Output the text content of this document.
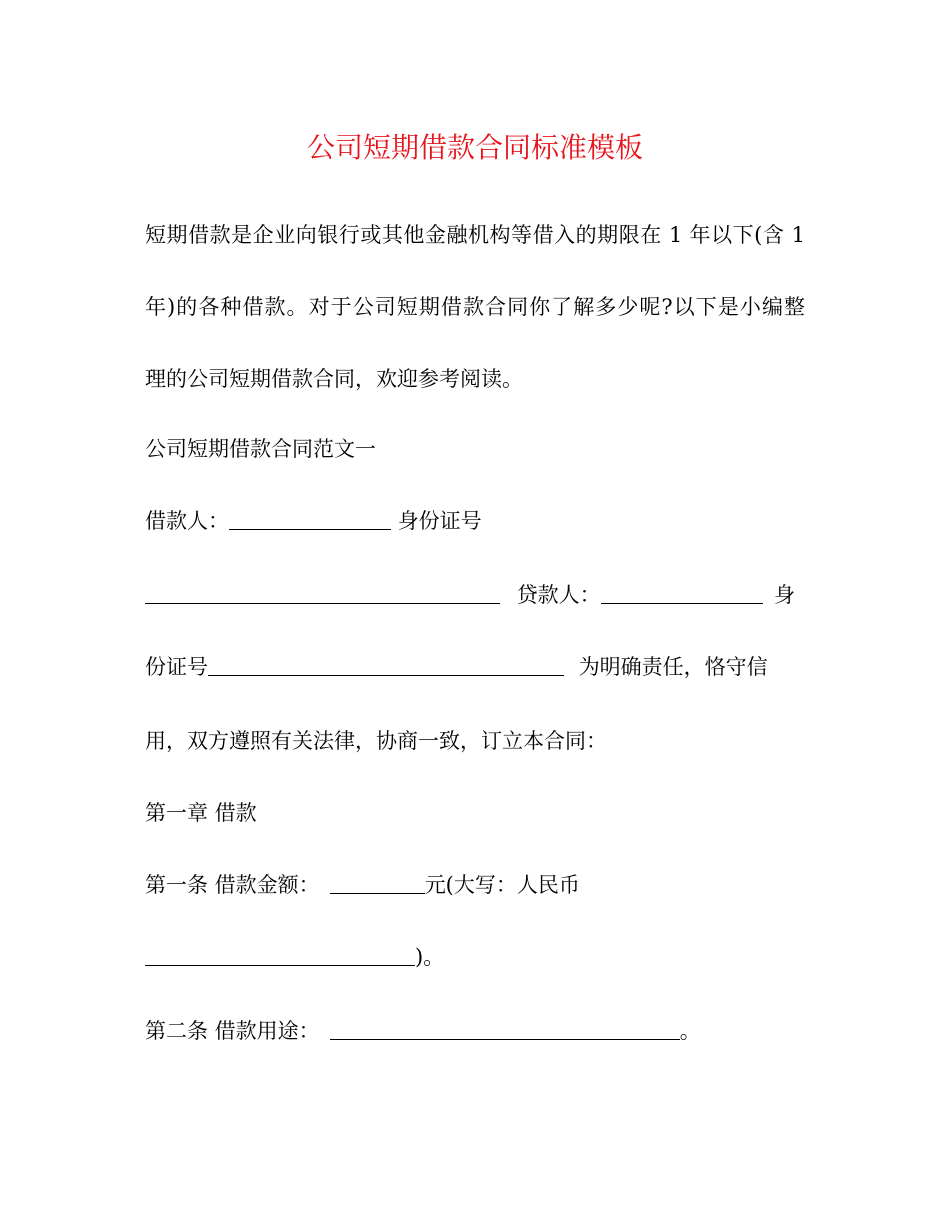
公司短期借款合同标准模板
短期借款是企业向银行或其他金融机构等借入的期限在 1 年以下(含 1
年)的各种借款。对于公司短期借款合同你了解多少呢?以下是小编整
理的公司短期借款合同，欢迎参考阅读。
公司短期借款合同范文一
借款人：	身份证号
贷款人：	身
份证号	为明确责任，恪守信
用，双方遵照有关法律，协商一致，订立本合同：
第一章 借款
第一条 借款金额：	元(大写：人民币
)。
第二条 借款用途：	。
